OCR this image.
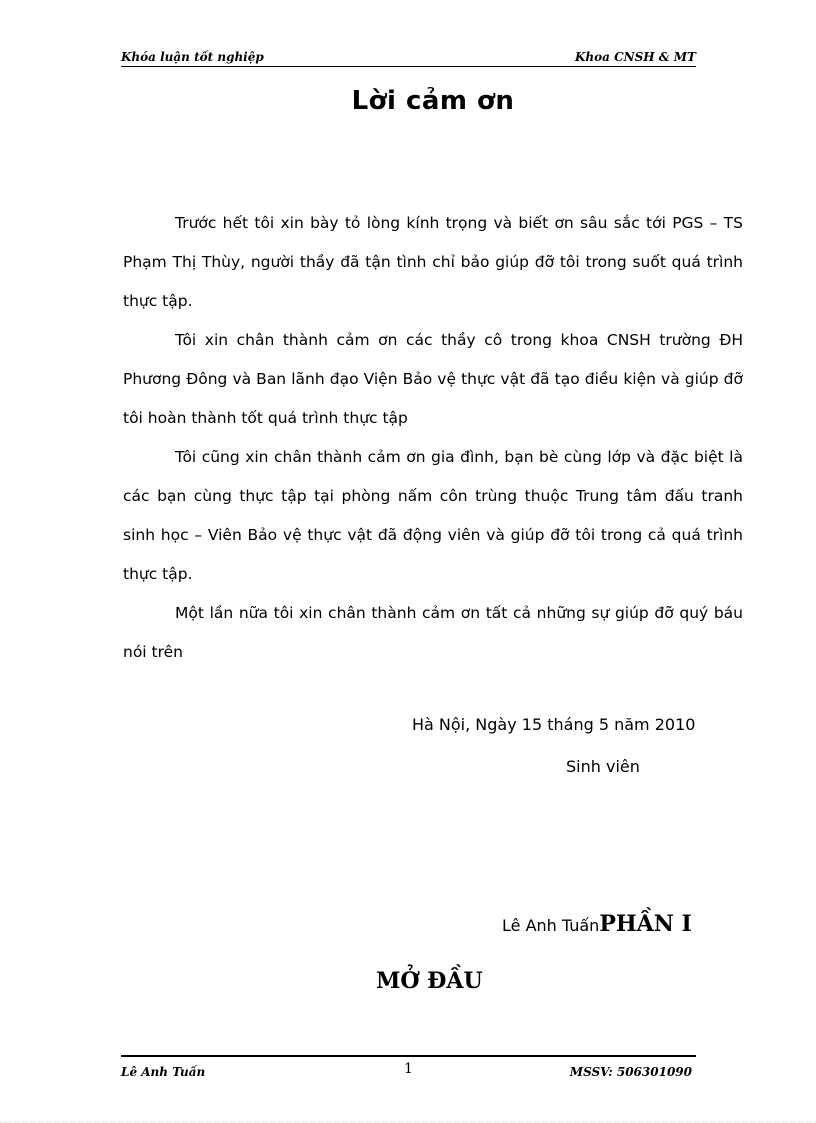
Khóa luận tốt nghiệp	Khoa CNSH & MT
Lời cảm ơn

Trước hết tôi xin bày tỏ lòng kính trọng và biết ơn sâu sắc tới PGS – TS Phạm Thị Thùy, người thầy đã tận tình chỉ bảo giúp đỡ tôi trong suốt quá trình thực tập.

Tôi xin chân thành cảm ơn các thầy cô trong khoa CNSH trường ĐH Phương Đông và Ban lãnh đạo Viện Bảo vệ thực vật đã tạo điều kiện và giúp đỡ tôi hoàn thành tốt quá trình thực tập

Tôi cũng xin chân thành cảm ơn gia đình, bạn bè cùng lớp và đặc biệt là các bạn cùng thực tập tại phòng nấm côn trùng thuộc Trung tâm đấu tranh sinh học – Viên Bảo vệ thực vật đã động viên và giúp đỡ tôi trong cả quá trình thực tập.

Một lần nữa tôi xin chân thành cảm ơn tất cả những sự giúp đỡ quý báu nói trên

Hà Nội, Ngày 15 tháng 5 năm 2010
Sinh viên
Lê Anh TuấnPHẦN I
MỞ ĐẦU
Lê Anh Tuấn	1	MSSV: 506301090
